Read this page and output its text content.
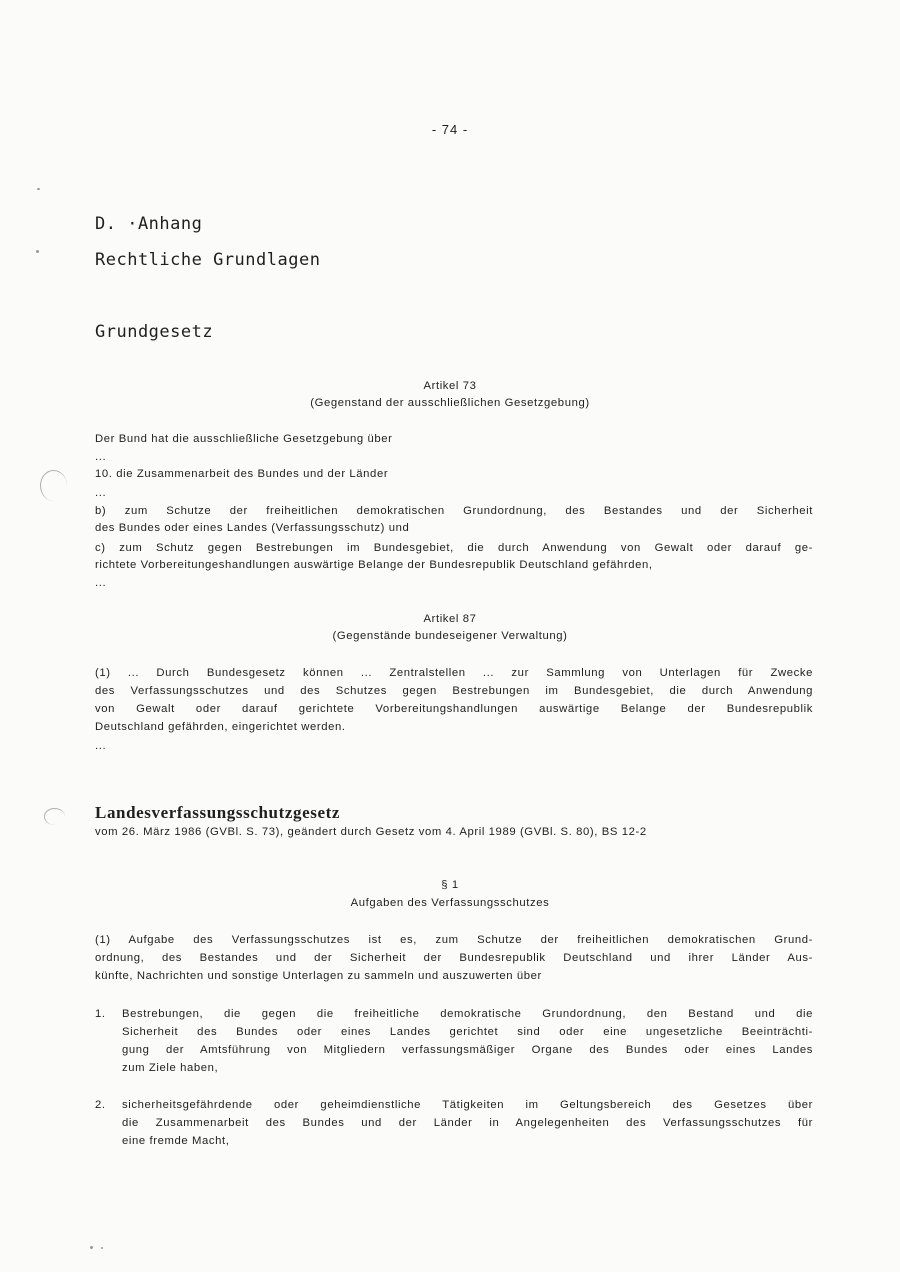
- 74 -
D. ·Anhang
Rechtliche Grundlagen
Grundgesetz
Artikel 73
(Gegenstand der ausschließlichen Gesetzgebung)
Der Bund hat die ausschließliche Gesetzgebung über
...
10. die Zusammenarbeit des Bundes und der Länder
...
b) zum Schutze der freiheitlichen demokratischen Grundordnung, des Bestandes und der Sicherheit
des Bundes oder eines Landes (Verfassungsschutz) und
c) zum Schutz gegen Bestrebungen im Bundesgebiet, die durch Anwendung von Gewalt oder darauf ge-
richtete Vorbereitungeshandlungen auswärtige Belange der Bundesrepublik Deutschland gefährden,
...
Artikel 87
(Gegenstände bundeseigener Verwaltung)
(1) ... Durch Bundesgesetz können ... Zentralstellen ... zur Sammlung von Unterlagen für Zwecke
des Verfassungsschutzes und des Schutzes gegen Bestrebungen im Bundesgebiet, die durch Anwendung
von Gewalt oder darauf gerichtete Vorbereitungshandlungen auswärtige Belange der Bundesrepublik
Deutschland gefährden, eingerichtet werden.
...
Landesverfassungsschutzgesetz
vom 26. März 1986 (GVBl. S. 73), geändert durch Gesetz vom 4. April 1989 (GVBl. S. 80), BS 12-2
§ 1
Aufgaben des Verfassungsschutzes
(1) Aufgabe des Verfassungsschutzes ist es, zum Schutze der freiheitlichen demokratischen Grund-
ordnung, des Bestandes und der Sicherheit der Bundesrepublik Deutschland und ihrer Länder Aus-
künfte, Nachrichten und sonstige Unterlagen zu sammeln und auszuwerten über
1. Bestrebungen, die gegen die freiheitliche demokratische Grundordnung, den Bestand und die
Sicherheit des Bundes oder eines Landes gerichtet sind oder eine ungesetzliche Beeinträchti-
gung der Amtsführung von Mitgliedern verfassungsmäßiger Organe des Bundes oder eines Landes
zum Ziele haben,
2. sicherheitsgefährdende oder geheimdienstliche Tätigkeiten im Geltungsbereich des Gesetzes über
die Zusammenarbeit des Bundes und der Länder in Angelegenheiten des Verfassungsschutzes für
eine fremde Macht,
